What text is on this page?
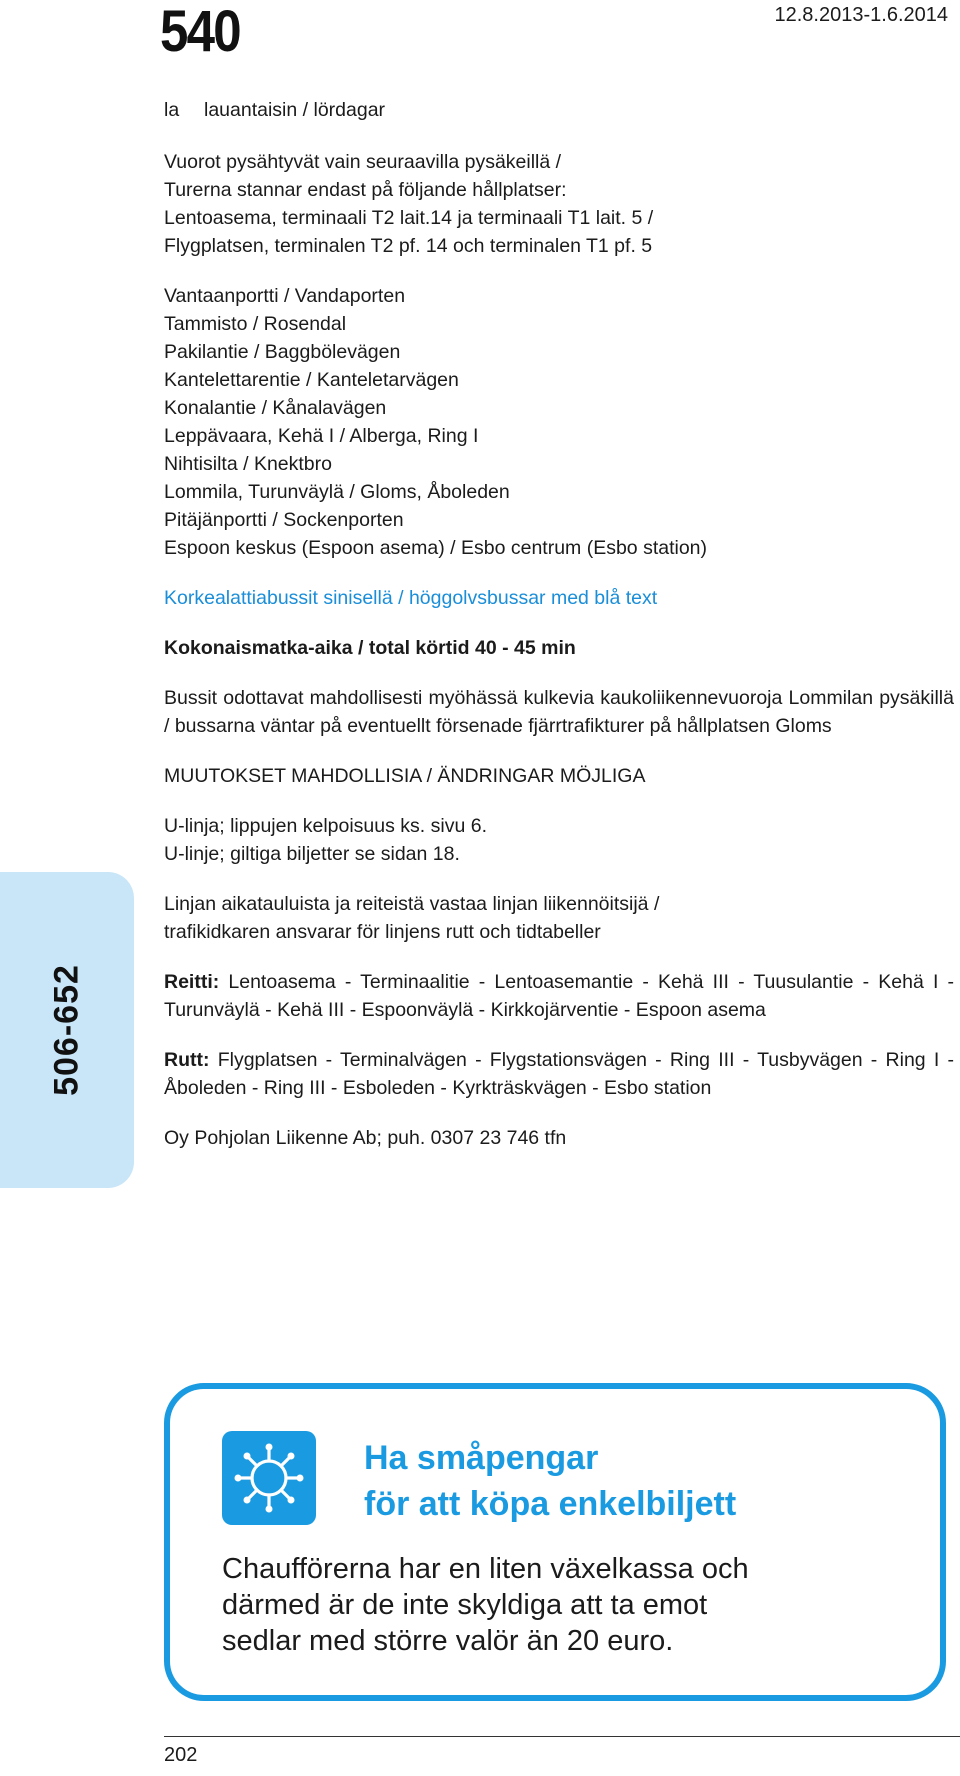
540	12.8.2013-1.6.2014

la lauantaisin / lördagar

Vuorot pysähtyvät vain seuraavilla pysäkeillä /

Turerna stannar endast på följande hållplatser:

Lentoasema, terminaali T2 lait.14 ja terminaali T1 lait. 5 /

Flygplatsen, terminalen T2 pf. 14 och terminalen T1 pf. 5

Vantaanportti / Vandaporten
Tammisto / Rosendal
Pakilantie / Baggbölevägen
Kantelettarentie / Kanteletarvägen
Konalantie / Kånalavägen
Leppävaara, Kehä I / Alberga, Ring I
Nihtisilta / Knektbro
Lommila, Turunväylä / Gloms, Åboleden
Pitäjänportti / Sockenporten
Espoon keskus (Espoon asema) / Esbo centrum (Esbo station)

Korkealattiabussit sinisellä / höggolvsbussar med blå text

Kokonaismatka-aika / total körtid 40 - 45 min

Bussit odottavat mahdollisesti myöhässä kulkevia kaukoliikennevuoroja Lommilan pysäkillä / bussarna väntar på eventuellt försenade fjärrtrafikturer på hållplatsen Gloms

MUUTOKSET MAHDOLLISIA / ÄNDRINGAR MÖJLIGA

U-linja; lippujen kelpoisuus ks. sivu 6.

U-linje; giltiga biljetter se sidan 18.

Linjan aikatauluista ja reiteistä vastaa linjan liikennöitsijä /

trafikidkaren ansvarar för linjens rutt och tidtabeller

Reitti: Lentoasema - Terminaalitie - Lentoasemantie - Kehä III - Tuusulantie - Kehä I - Turunväylä - Kehä III - Espoonväylä - Kirkkojärventie - Espoon asema

Rutt: Flygplatsen - Terminalvägen - Flygstationsvägen - Ring III - Tusbyvägen - Ring I - Åboleden - Ring III - Esboleden - Kyrkträskvägen - Esbo station

Oy Pohjolan Liikenne Ab; puh. 0307 23 746 tfn

506-652
Ha småpengar
för att köpa enkelbiljett
Chaufförerna har en liten växelkassa och
därmed är de inte skyldiga att ta emot
sedlar med större valör än 20 euro.
202
